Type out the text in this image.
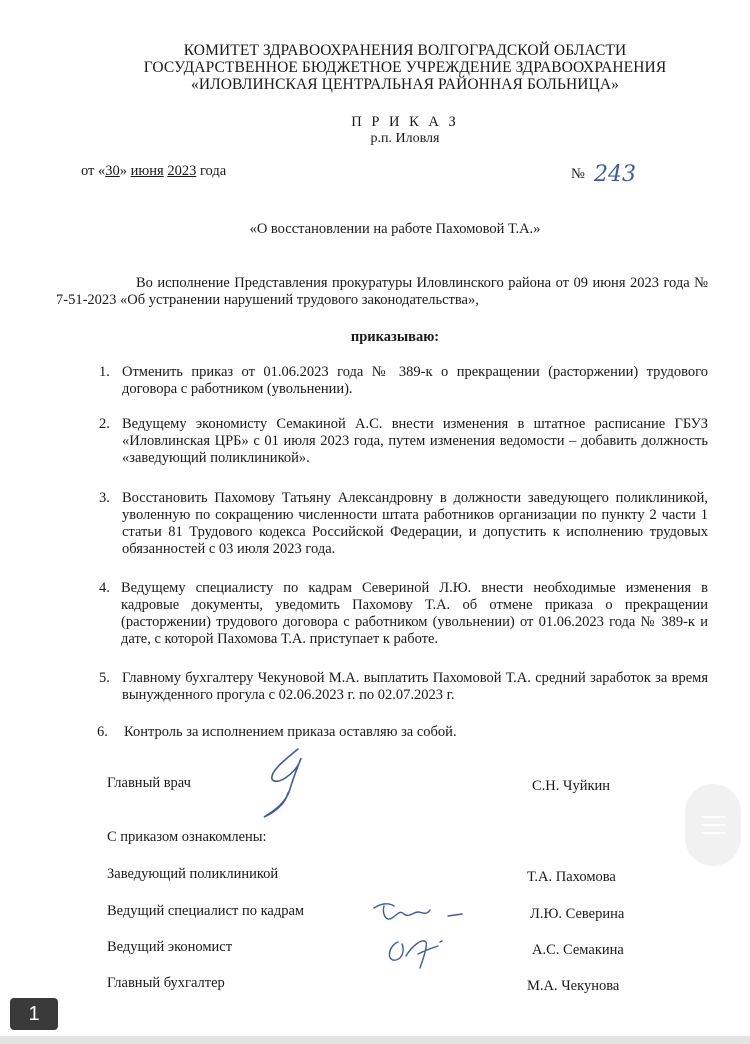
КОМИТЕТ ЗДРАВООХРАНЕНИЯ ВОЛГОГРАДСКОЙ ОБЛАСТИ
ГОСУДАРСТВЕННОЕ БЮДЖЕТНОЕ УЧРЕЖДЕНИЕ ЗДРАВООХРАНЕНИЯ
«ИЛОВЛИНСКАЯ ЦЕНТРАЛЬНАЯ РАЙОННАЯ БОЛЬНИЦА»
П Р И К А З
р.п. Иловля
от «30» июня 2023 года	№ 243
«О восстановлении на работе Пахомовой Т.А.»
Во исполнение Представления прокуратуры Иловлинского района от 09 июня 2023 года № 7-51-2023 «Об устранении нарушений трудового законодательства»,
приказываю:
1. Отменить приказ от 01.06.2023 года № 389-к о прекращении (расторжении) трудового договора с работником (увольнении).
2. Ведущему экономисту Семакиной А.С. внести изменения в штатное расписание ГБУЗ «Иловлинская ЦРБ» с 01 июля 2023 года, путем изменения ведомости – добавить должность «заведующий поликлиникой».
3. Восстановить Пахомову Татьяну Александровну в должности заведующего поликлиникой, уволенную по сокращению численности штата работников организации по пункту 2 части 1 статьи 81 Трудового кодекса Российской Федерации, и допустить к исполнению трудовых обязанностей с 03 июля 2023 года.
4. Ведущему специалисту по кадрам Севериной Л.Ю. внести необходимые изменения в кадровые документы, уведомить Пахомову Т.А. об отмене приказа о прекращении (расторжении) трудового договора с работником (увольнении) от 01.06.2023 года № 389-к и дате, с которой Пахомова Т.А. приступает к работе.
5. Главному бухгалтеру Чекуновой М.А. выплатить Пахомовой Т.А. средний заработок за время вынужденного прогула с 02.06.2023 г. по 02.07.2023 г.
6. Контроль за исполнением приказа оставляю за собой.
Главный врач	С.Н. Чуйкин
С приказом ознакомлены:
Заведующий поликлиникой	Т.А. Пахомова
Ведущий специалист по кадрам	Л.Ю. Северина
Ведущий экономист	А.С. Семакина
Главный бухгалтер	М.А. Чекунова
1
